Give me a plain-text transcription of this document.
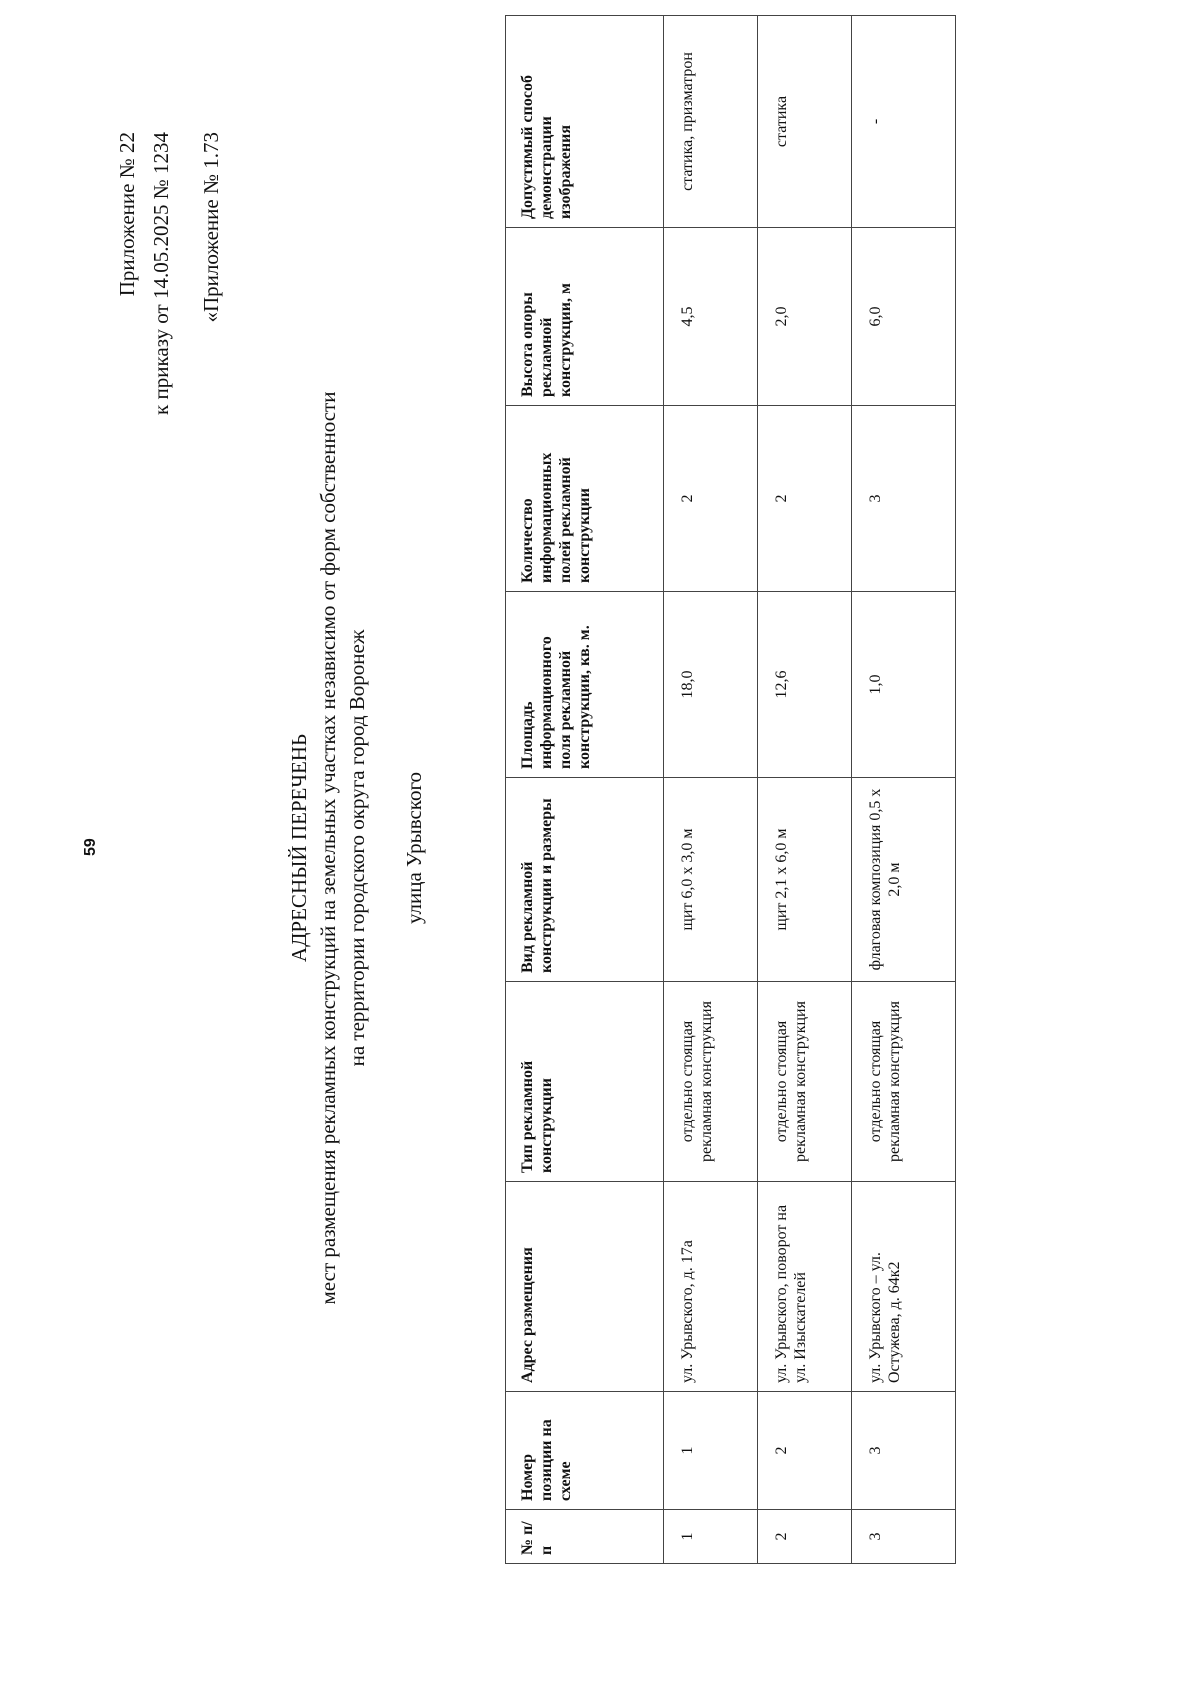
59
Приложение № 22 к приказу от 14.05.2025 № 1234 «Приложение № 1.73
АДРЕСНЫЙ ПЕРЕЧЕНЬ мест размещения рекламных конструкций на земельных участках независимо от форм собственности на территории городского округа город Воронеж улица Урывского
№ п/п	Номер позиции на схеме	Адрес размещения	Тип рекламной конструкции	Вид рекламной конструкции и размеры	Площадь информационного поля рекламной конструкции, кв. м.	Количество информационных полей рекламной конструкции	Высота опоры рекламной конструкции, м	Допустимый способ демонстрации изображения
1	1	ул. Урывского, д. 17а	отдельно стоящая рекламная конструкция	щит 6,0 х 3,0 м	18,0	2	4,5	статика, призматрон
2	2	ул. Урывского, поворот на ул. Изыскателей	отдельно стоящая рекламная конструкция	щит 2,1 х 6,0 м	12,6	2	2,0	статика
3	3	ул. Урывского – ул. Остужева, д. 64к2	отдельно стоящая рекламная конструкция	флаговая композиция 0,5 х 2,0 м	1,0	3	6,0	-
